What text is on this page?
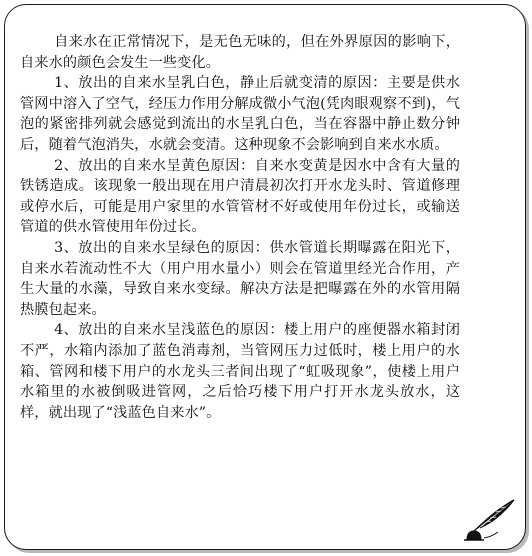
自来水在正常情况下，是无色无味的，但在外界原因的影响下，自来水的颜色会发生一些变化。

1、放出的自来水呈乳白色，静止后就变清的原因：主要是供水管网中溶入了空气，经压力作用分解成微小气泡(凭肉眼观察不到)，气泡的紧密排列就会感觉到流出的水呈乳白色，当在容器中静止数分钟后，随着气泡消失，水就会变清。这种现象不会影响到自来水水质。

2、放出的自来水呈黄色原因：自来水变黄是因水中含有大量的铁锈造成。该现象一般出现在用户清晨初次打开水龙头时、管道修理或停水后，可能是用户家里的水管管材不好或使用年份过长，或输送管道的供水管使用年份过长。

3、放出的自来水呈绿色的原因：供水管道长期曝露在阳光下，自来水若流动性不大（用户用水量小）则会在管道里经光合作用，产生大量的水藻，导致自来水变绿。解决方法是把曝露在外的水管用隔热膜包起来。

4、放出的自来水呈浅蓝色的原因：楼上用户的座便器水箱封闭不严，水箱内添加了蓝色消毒剂，当管网压力过低时，楼上用户的水箱、管网和楼下用户的水龙头三者间出现了“虹吸现象”，使楼上用户水箱里的水被倒吸进管网，之后恰巧楼下用户打开水龙头放水，这样，就出现了“浅蓝色自来水”。
